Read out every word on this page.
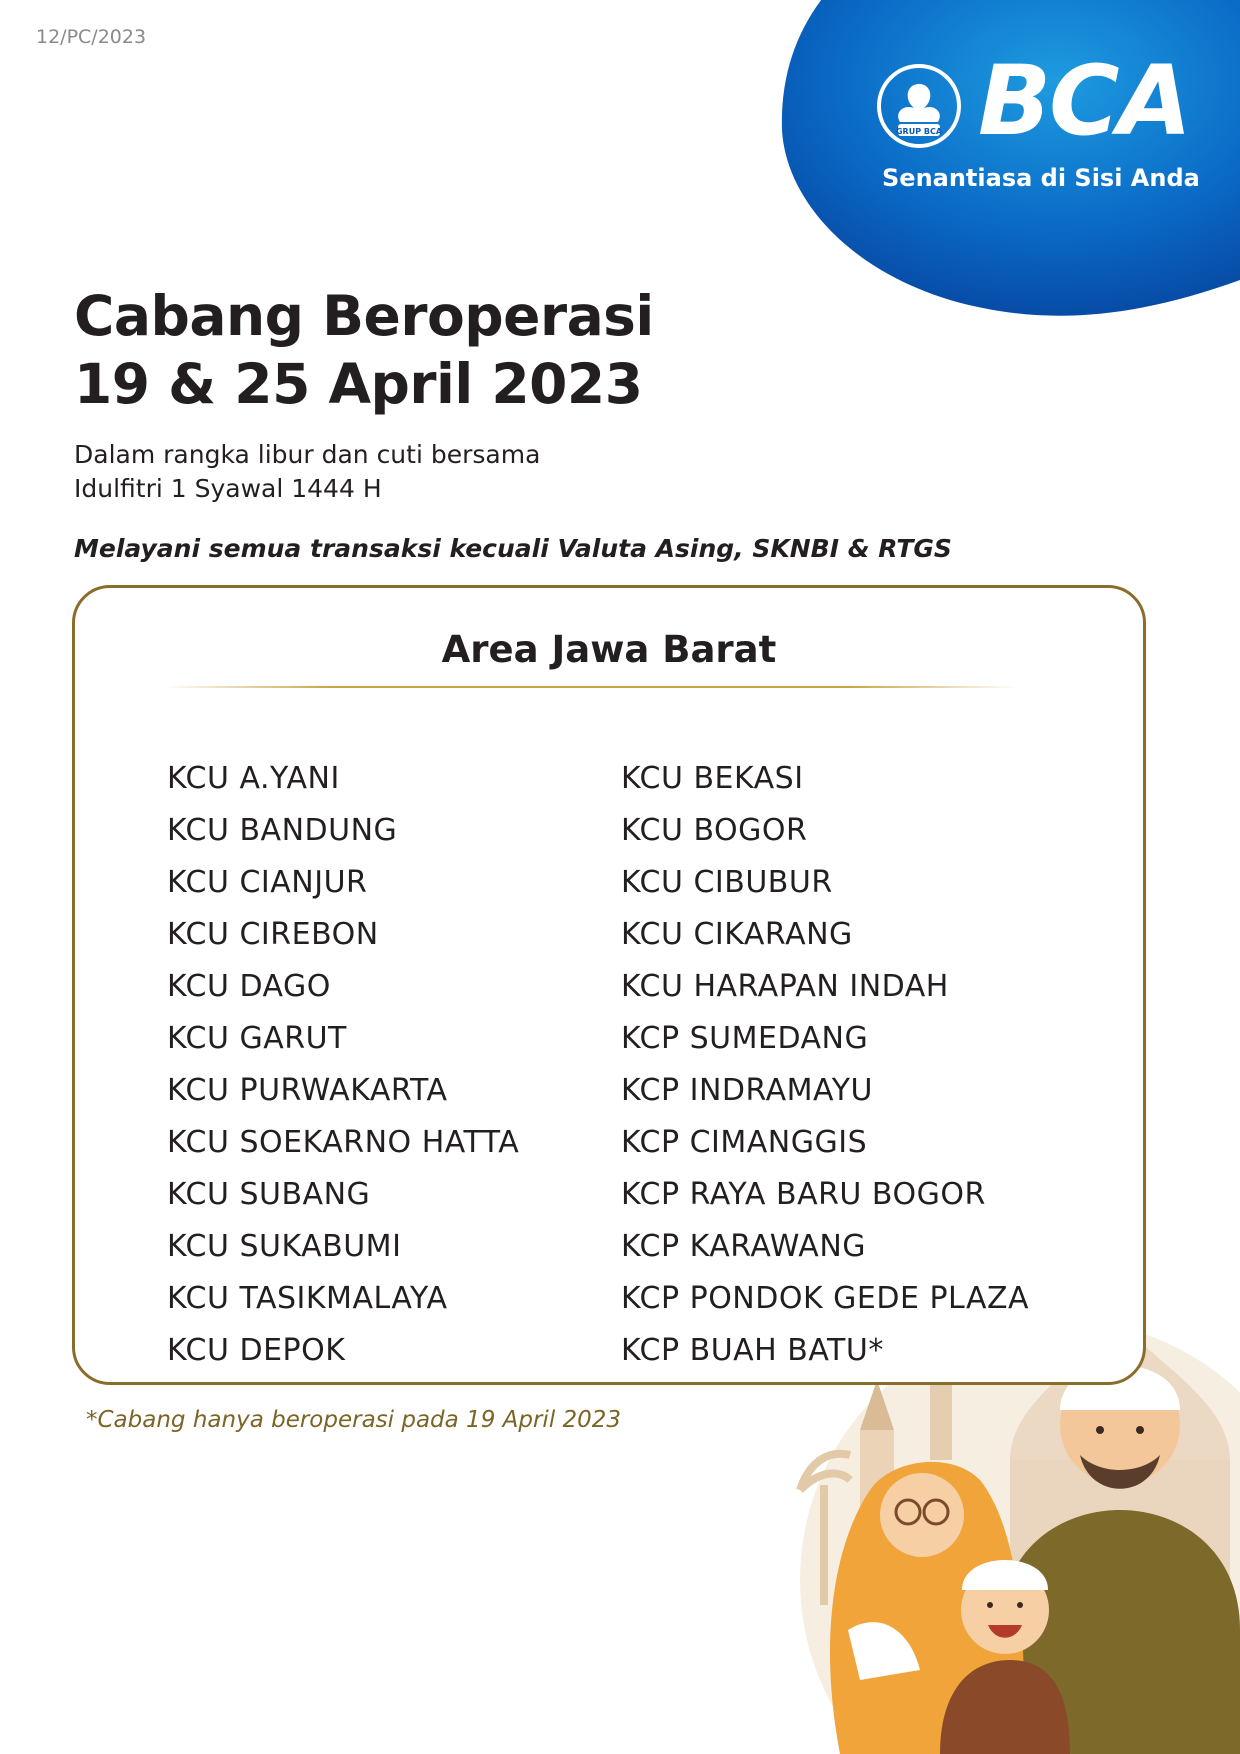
12/PC/2023
GRUP BCA BCA
Senantiasa di Sisi Anda
Cabang Beroperasi
19 & 25 April 2023
Dalam rangka libur dan cuti bersama
Idulfitri 1 Syawal 1444 H
Melayani semua transaksi kecuali Valuta Asing, SKNBI & RTGS
Area Jawa Barat
KCU A.YANI
KCU BANDUNG
KCU CIANJUR
KCU CIREBON
KCU DAGO
KCU GARUT
KCU PURWAKARTA
KCU SOEKARNO HATTA
KCU SUBANG
KCU SUKABUMI
KCU TASIKMALAYA
KCU DEPOK
KCU BEKASI
KCU BOGOR
KCU CIBUBUR
KCU CIKARANG
KCU HARAPAN INDAH
KCP SUMEDANG
KCP INDRAMAYU
KCP CIMANGGIS
KCP RAYA BARU BOGOR
KCP KARAWANG
KCP PONDOK GEDE PLAZA
KCP BUAH BATU*
*Cabang hanya beroperasi pada 19 April 2023
